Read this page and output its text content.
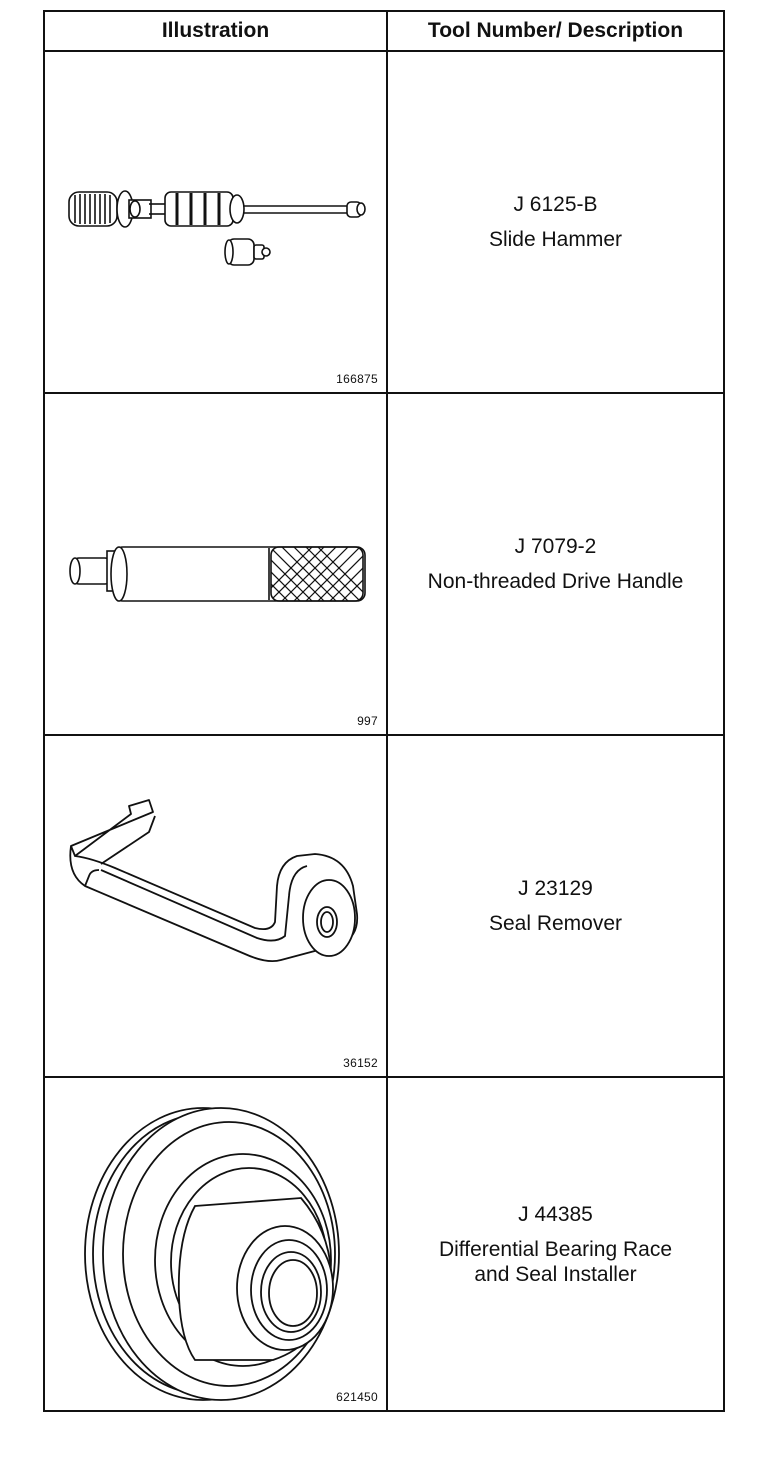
Illustration	Tool Number/ Description
166875
J 6125-B
Slide Hammer
997
J 7079-2
Non-threaded Drive Handle
36152
J 23129
Seal Remover
621450
J 44385
Differential Bearing Race
and Seal Installer
